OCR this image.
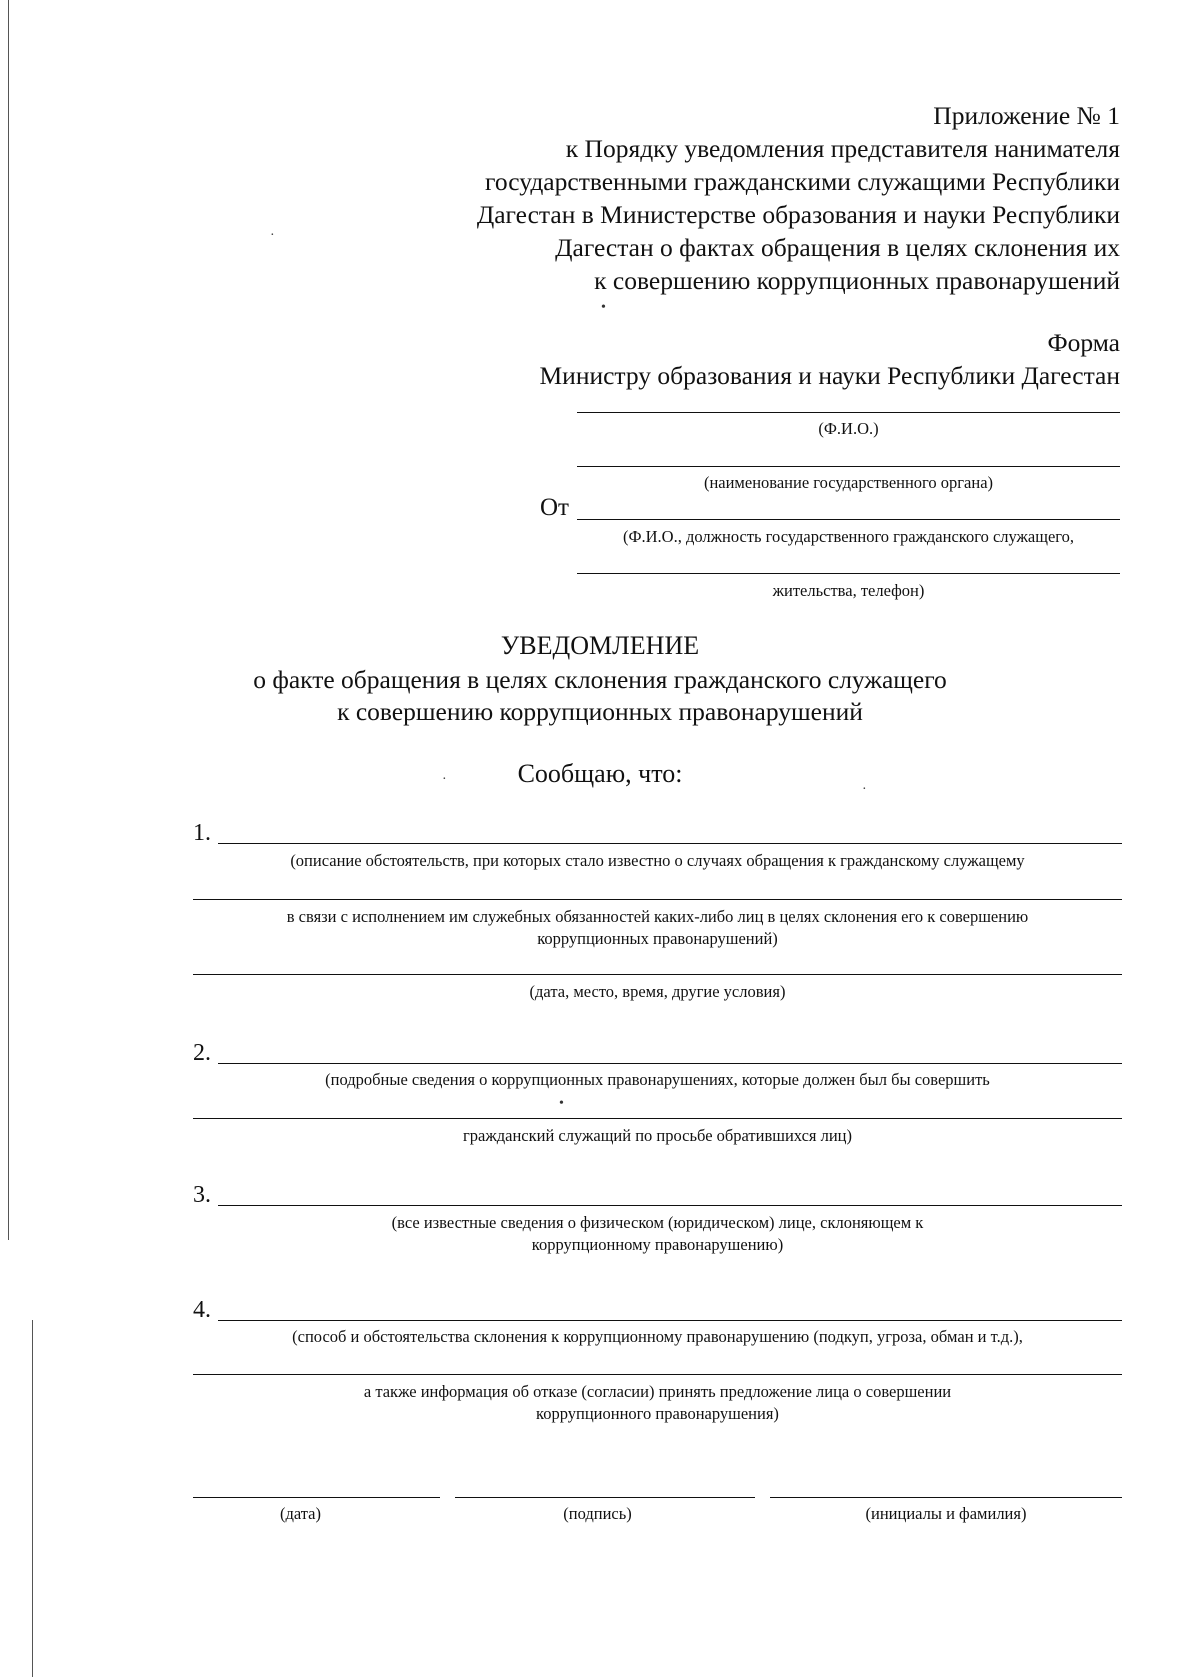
Приложение № 1
к Порядку уведомления представителя нанимателя
государственными гражданскими служащими Республики
Дагестан в Министерстве образования и науки Республики
Дагестан о фактах обращения в целях склонения их
к совершению коррупционных правонарушений
Форма
Министру образования и науки Республики Дагестан
(Ф.И.О.)
(наименование государственного органа)
От
(Ф.И.О., должность государственного гражданского служащего,
жительства, телефон)
УВЕДОМЛЕНИЕ
о факте обращения в целях склонения гражданского служащего
к совершению коррупционных правонарушений
Сообщаю, что:
1.
(описание обстоятельств, при которых стало известно о случаях обращения к гражданскому служащему
в связи с исполнением им служебных обязанностей каких-либо лиц в целях склонения его к совершению
коррупционных правонарушений)
(дата, место, время, другие условия)
2.
(подробные сведения о коррупционных правонарушениях, которые должен был бы совершить
гражданский служащий по просьбе обратившихся лиц)
3.
(все известные сведения о физическом (юридическом) лице, склоняющем к
коррупционному правонарушению)
4.
(способ и обстоятельства склонения к коррупционному правонарушению (подкуп, угроза, обман и т.д.),
а также информация об отказе (согласии) принять предложение лица о совершении
коррупционного правонарушения)
(дата)	(подпись)	(инициалы и фамилия)
·
•
·
·
•
